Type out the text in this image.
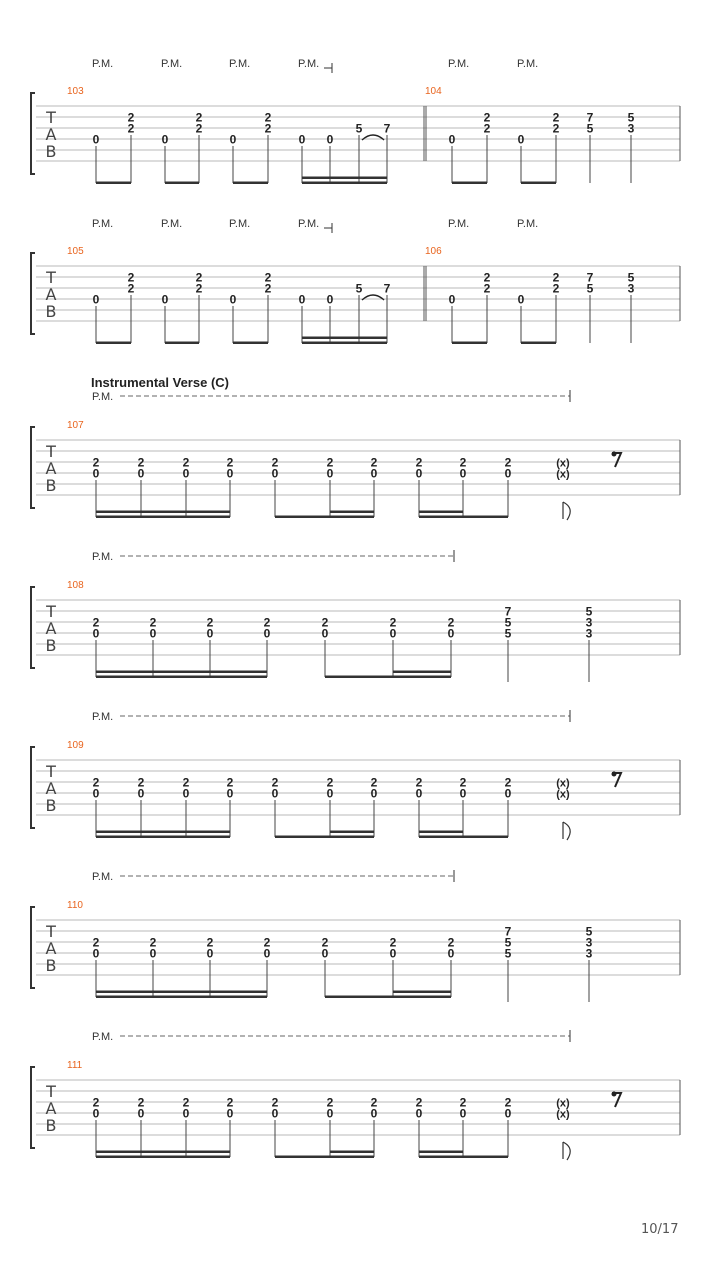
T
A
B
103	104
P.M.	P.M.	P.M.	P.M.	P.M.	P.M.
0
2
2
0
2
2
0
2
2
0 0
5 7
0
2
2
0
2
2
7
5
5
3
T
A
B
105	106
P.M.	P.M.	P.M.	P.M.	P.M.	P.M.
0
2
2
0
2
2
0
2
2
0 0
5 7
0
2
2
0
2
2
7
5
5
3
Instrumental Verse (C)
T
A
B
107
P.M.
2
0
2
0
2
0
2
0
2
0
2
0
2
0
2
0
2
0
2
0
(x)
(x)
T
A
B
108
P.M.
2
0
2
0
2
0
2
0
2
0
2
0
2
0
7
5
5
5
3
3
T
A
B
109
P.M.
2
0
2
0
2
0
2
0
2
0
2
0
2
0
2
0
2
0
2
0
(x)
(x)
T
A
B
110
P.M.
2
0
2
0
2
0
2
0
2
0
2
0
2
0
7
5
5
5
3
3
T
A
B
111
P.M.
2
0
2
0
2
0
2
0
2
0
2
0
2
0
2
0
2
0
2
0
(x)
(x)
10/17
